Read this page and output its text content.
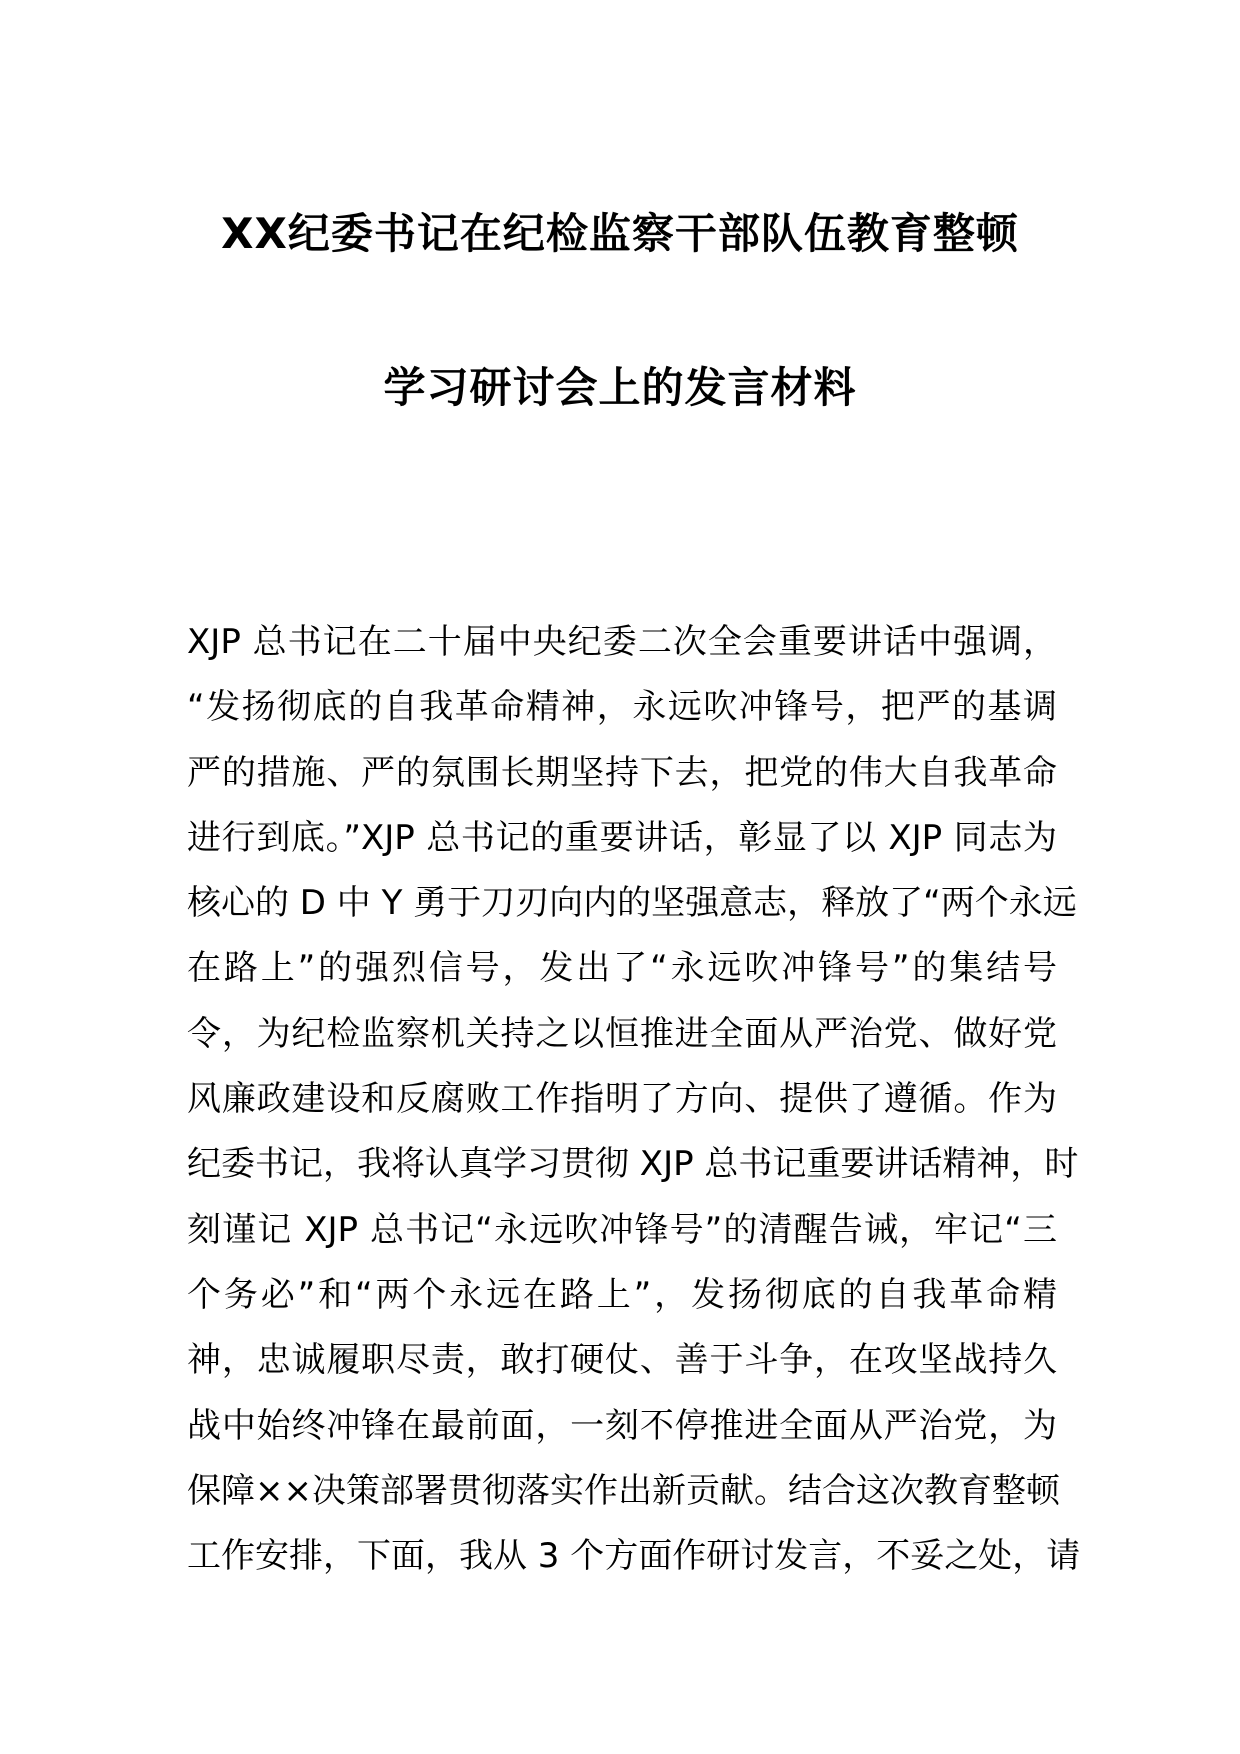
XX纪委书记在纪检监察干部队伍教育整顿
学习研讨会上的发言材料
XJP 总书记在二十届中央纪委二次全会重要讲话中强调，
“发扬彻底的自我革命精神，永远吹冲锋号，把严的基调
严的措施、严的氛围长期坚持下去，把党的伟大自我革命
进行到底。”XJP 总书记的重要讲话，彰显了以 XJP 同志为
核心的 D 中 Y 勇于刀刃向内的坚强意志，释放了“两个永远
在路上”的强烈信号，发出了“永远吹冲锋号”的集结号
令，为纪检监察机关持之以恒推进全面从严治党、做好党
风廉政建设和反腐败工作指明了方向、提供了遵循。作为
纪委书记，我将认真学习贯彻 XJP 总书记重要讲话精神，时
刻谨记 XJP 总书记“永远吹冲锋号”的清醒告诫，牢记“三
个务必”和“两个永远在路上”，发扬彻底的自我革命精
神，忠诚履职尽责，敢打硬仗、善于斗争，在攻坚战持久
战中始终冲锋在最前面，一刻不停推进全面从严治党，为
保障××决策部署贯彻落实作出新贡献。结合这次教育整顿
工作安排，下面，我从 3 个方面作研讨发言，不妥之处，请
